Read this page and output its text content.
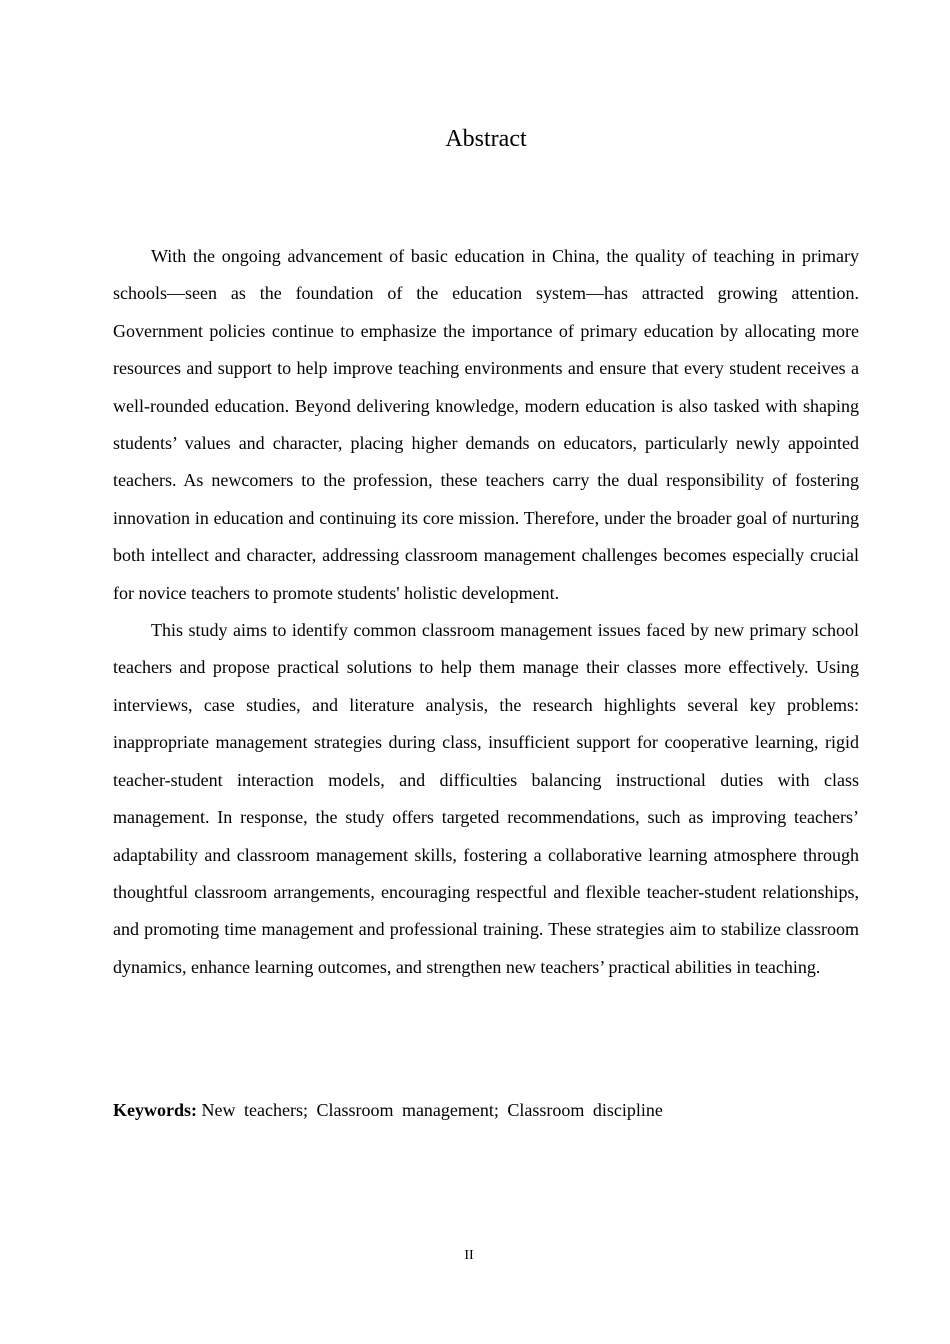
Abstract

With the ongoing advancement of basic education in China, the quality of teaching in primary schools—seen as the foundation of the education system—has attracted growing attention. Government policies continue to emphasize the importance of primary education by allocating more resources and support to help improve teaching environments and ensure that every student receives a well-rounded education. Beyond delivering knowledge, modern education is also tasked with shaping students’ values and character, placing higher demands on educators, particularly newly appointed teachers. As newcomers to the profession, these teachers carry the dual responsibility of fostering innovation in education and continuing its core mission. Therefore, under the broader goal of nurturing both intellect and character, addressing classroom management challenges becomes especially crucial for novice teachers to promote students' holistic development.

This study aims to identify common classroom management issues faced by new primary school teachers and propose practical solutions to help them manage their classes more effectively. Using interviews, case studies, and literature analysis, the research highlights several key problems: inappropriate management strategies during class, insufficient support for cooperative learning, rigid teacher-student interaction models, and difficulties balancing instructional duties with class management. In response, the study offers targeted recommendations, such as improving teachers’ adaptability and classroom management skills, fostering a collaborative learning atmosphere through thoughtful classroom arrangements, encouraging respectful and flexible teacher-student relationships, and promoting time management and professional training. These strategies aim to stabilize classroom dynamics, enhance learning outcomes, and strengthen new teachers’ practical abilities in teaching.

Keywords: New teachers; Classroom management; Classroom discipline

II
